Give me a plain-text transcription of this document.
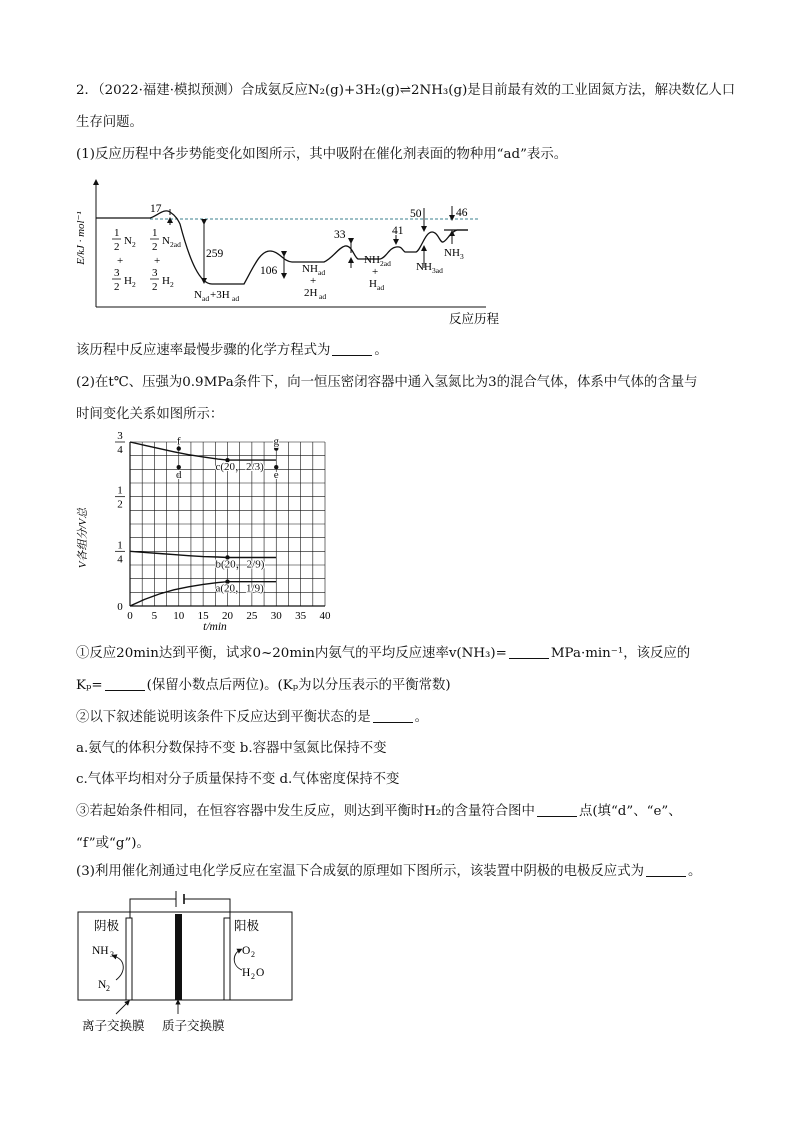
2．（2022·福建·模拟预测）合成氨反应N₂(g)+3H₂(g)⇌2NH₃(g)是目前最有效的工业固氮方法，解决数亿人口
生存问题。
(1)反应历程中各步势能变化如图所示，其中吸附在催化剂表面的物种用“ad”表示。
E/kJ · mol⁻¹
反应历程
17
259
106
33
50
41
46
1
2 N 2
+
3
2 H 2
1
2 N 2ad
+
3
2 H 2
N ad +3H ad
NH ad
+
2H ad
NH 2ad
+
H ad
NH 3ad
NH 3
该历程中反应速率最慢步骤的化学方程式为	。
(2)在t℃、压强为0.9MPa条件下，向一恒压密闭容器中通入氢氮比为3的混合气体，体系中气体的含量与
时间变化关系如图所示：
0 5 10 15 20 25 30 35 40
0
1
4
1
2
3
4
f	g
c(20，2/3)
d	e
b(20，2/9)
a(20，1/9)
V各组分/V总
t/min
①反应20min达到平衡，试求0~20min内氨气的平均反应速率v(NH₃)=	MPa·min⁻¹，该反应的
Kₚ=	(保留小数点后两位)。(Kₚ为以分压表示的平衡常数)
②以下叙述能说明该条件下反应达到平衡状态的是	。
a.氨气的体积分数保持不变 b.容器中氢氮比保持不变
c.气体平均相对分子质量保持不变 d.气体密度保持不变
③若起始条件相同，在恒容容器中发生反应，则达到平衡时H₂的含量符合图中	点(填“d”、“e”、
“f”或“g”)。
(3)利用催化剂通过电化学反应在室温下合成氨的原理如下图所示，该装置中阴极的电极反应式为	。
阴极	阳极
NH 3
N 2
O 2
H 2 O
离子交换膜 质子交换膜
